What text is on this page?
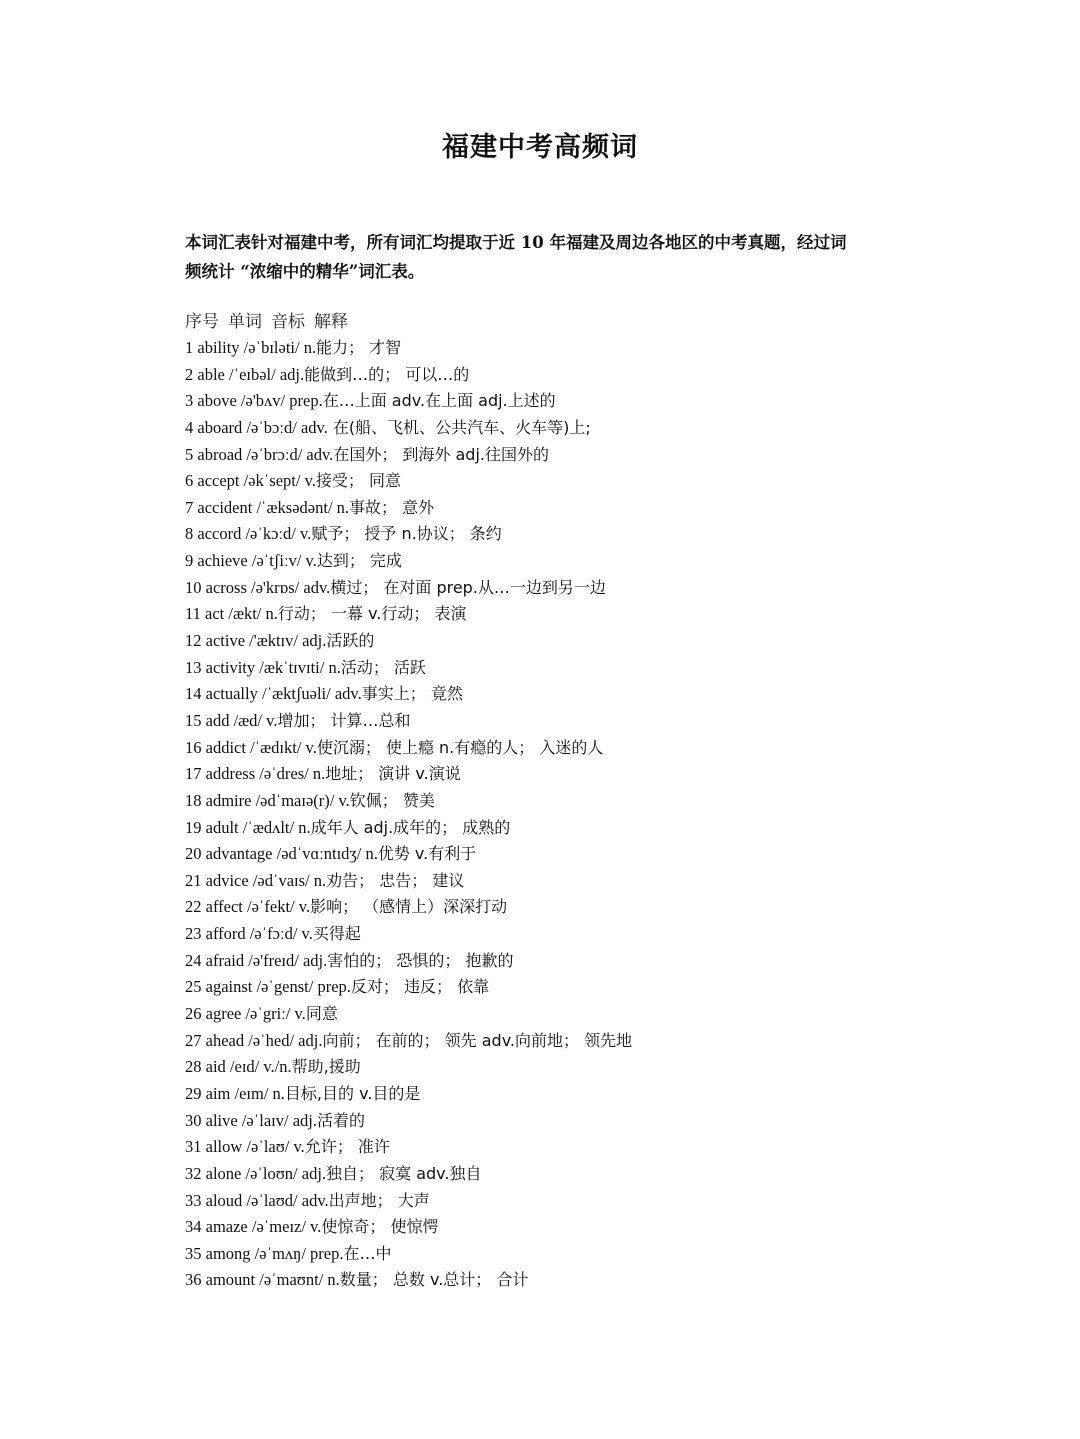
福建中考高频词

本词汇表针对福建中考，所有词汇均提取于近 10 年福建及周边各地区的中考真题，经过词

频统计 “浓缩中的精华”词汇表。

序号 单词 音标 解释
1 ability /əˈbɪləti/ n.能力； 才智
2 able /ˈeɪbəl/ adj.能做到…的； 可以…的
3 above /ə'bʌv/ prep.在…上面 adv.在上面 adj.上述的
4 aboard /əˈbɔːd/ adv. 在(船、飞机、公共汽车、火车等)上;
5 abroad /əˈbrɔːd/ adv.在国外； 到海外 adj.往国外的
6 accept /əkˈsept/ v.接受； 同意
7 accident /ˈæksədənt/ n.事故； 意外
8 accord /əˈkɔːd/ v.赋予； 授予 n.协议； 条约
9 achieve /əˈtʃiːv/ v.达到； 完成
10 across /ə'krɒs/ adv.横过； 在对面 prep.从…一边到另一边
11 act /ækt/ n.行动； 一幕 v.行动； 表演
12 active /'æktɪv/ adj.活跃的
13 activity /ækˈtɪvɪti/ n.活动； 活跃
14 actually /ˈæktʃuəli/ adv.事实上； 竟然
15 add /æd/ v.增加； 计算…总和
16 addict /ˈædɪkt/ v.使沉溺； 使上瘾 n.有瘾的人； 入迷的人
17 address /əˈdres/ n.地址； 演讲 v.演说
18 admire /ədˈmaɪə(r)/ v.钦佩； 赞美
19 adult /ˈædʌlt/ n.成年人 adj.成年的； 成熟的
20 advantage /ədˈvɑːntɪdʒ/ n.优势 v.有利于
21 advice /ədˈvaɪs/ n.劝告； 忠告； 建议
22 affect /əˈfekt/ v.影响； （感情上）深深打动
23 afford /əˈfɔːd/ v.买得起
24 afraid /ə'freɪd/ adj.害怕的； 恐惧的； 抱歉的
25 against /əˈgenst/ prep.反对； 违反； 依靠
26 agree /əˈgriː/ v.同意
27 ahead /əˈhed/ adj.向前； 在前的； 领先 adv.向前地； 领先地
28 aid /eɪd/ v./n.帮助,援助
29 aim /eɪm/ n.目标,目的 v.目的是
30 alive /əˈlaɪv/ adj.活着的
31 allow /əˈlaʊ/ v.允许； 准许
32 alone /əˈloʊn/ adj.独自； 寂寞 adv.独自
33 aloud /əˈlaʊd/ adv.出声地； 大声
34 amaze /əˈmeɪz/ v.使惊奇； 使惊愕
35 among /əˈmʌŋ/ prep.在…中
36 amount /əˈmaʊnt/ n.数量； 总数 v.总计； 合计
